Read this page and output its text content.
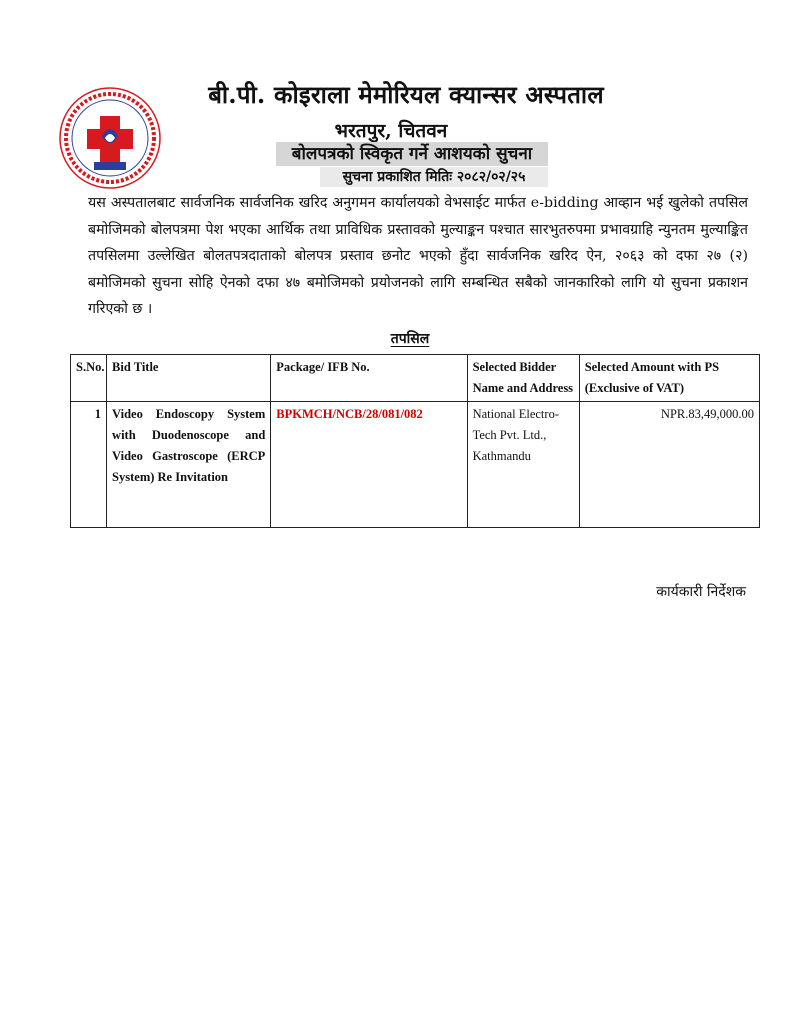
बी.पी. कोइराला मेमोरियल क्यान्सर अस्पताल
भरतपुर, चितवन
बोलपत्रको स्विकृत गर्ने आशयको सुचना
सुचना प्रकाशित मितिः २०८२/०२/२५
यस अस्पतालबाट सार्वजनिक सार्वजनिक खरिद अनुगमन कार्यालयको वेभसाईट मार्फत e-bidding आव्हान भई खुलेको तपसिल बमोजिमको बोलपत्रमा पेश भएका आर्थिक तथा प्राविधिक प्रस्तावको मुल्याङ्कन पश्चात सारभुतरुपमा प्रभावग्राहि न्युनतम मुल्याङ्कित तपसिलमा उल्लेखित बोलतपत्रदाताको बोलपत्र प्रस्ताव छनोट भएको हुँदा सार्वजनिक खरिद ऐन, २०६३ को दफा २७ (२) बमोजिमको सुचना सोहि ऐनको दफा ४७ बमोजिमको प्रयोजनको लागि सम्बन्धित सबैको जानकारिको लागि यो सुचना प्रकाशन गरिएको छ ।
तपसिल
S.No.	Bid Title	Package/ IFB No.	Selected Bidder Name and Address	Selected Amount with PS (Exclusive of VAT)
1	Video Endoscopy System with Duodenoscope and Video Gastroscope (ERCP System) Re Invitation	BPKMCH/NCB/28/081/082	National Electro-Tech Pvt. Ltd., Kathmandu	NPR.83,49,000.00
कार्यकारी निर्देशक
